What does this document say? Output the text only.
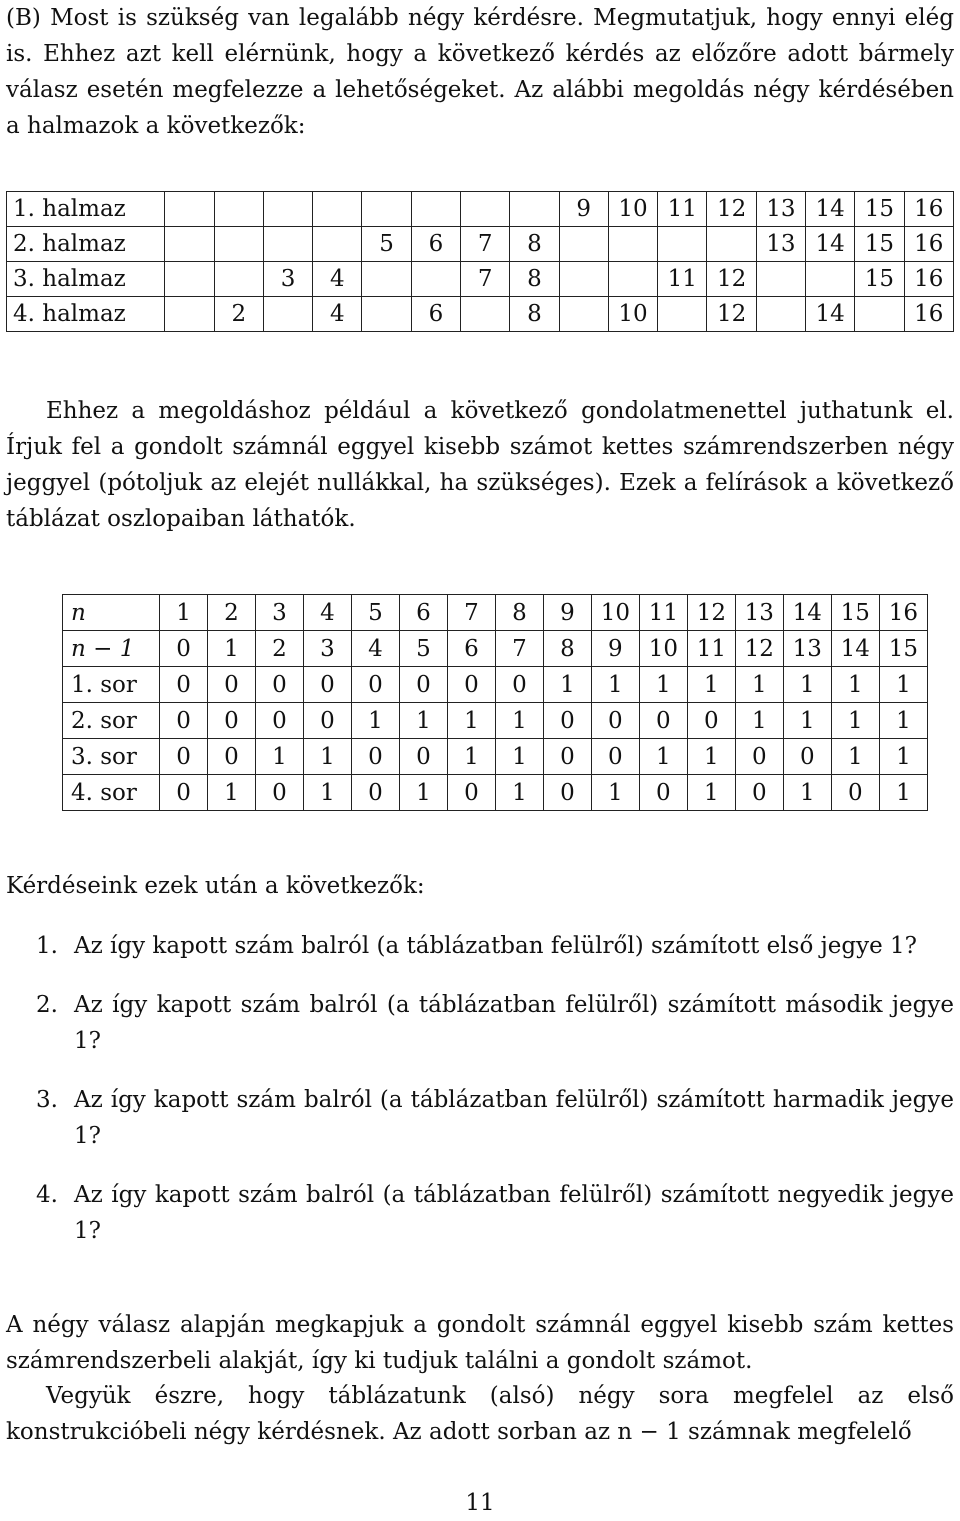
(B) Most is szükség van legalább négy kérdésre. Megmutatjuk, hogy ennyi elég is. Ehhez azt kell elérnünk, hogy a következő kérdés az előzőre adott bármely válasz esetén megfelezze a lehetőségeket. Az alábbi megoldás négy kérdésében a halmazok a következők:

1. halmaz									9	10	11	12	13	14	15	16
2. halmaz					5	6	7	8					13	14	15	16
3. halmaz			3	4			7	8			11	12			15	16
4. halmaz		2		4		6		8		10		12		14		16

Ehhez a megoldáshoz például a következő gondolatmenettel juthatunk el. Írjuk fel a gondolt számnál eggyel kisebb számot kettes számrendszerben négy jeggyel (pótoljuk az elejét nullákkal, ha szükséges). Ezek a felírások a következő táblázat oszlopaiban láthatók.

n	1	2	3	4	5	6	7	8	9	10	11	12	13	14	15	16
n − 1	0	1	2	3	4	5	6	7	8	9	10	11	12	13	14	15
1. sor	0	0	0	0	0	0	0	0	1	1	1	1	1	1	1	1
2. sor	0	0	0	0	1	1	1	1	0	0	0	0	1	1	1	1
3. sor	0	0	1	1	0	0	1	1	0	0	1	1	0	0	1	1
4. sor	0	1	0	1	0	1	0	1	0	1	0	1	0	1	0	1

Kérdéseink ezek után a következők:

1. Az így kapott szám balról (a táblázatban felülről) számított első jegye 1?
2. Az így kapott szám balról (a táblázatban felülről) számított második jegye 1?
3. Az így kapott szám balról (a táblázatban felülről) számított harmadik jegye 1?
4. Az így kapott szám balról (a táblázatban felülről) számított negyedik jegye 1?

A négy válasz alapján megkapjuk a gondolt számnál eggyel kisebb szám kettes számrendszerbeli alakját, így ki tudjuk találni a gondolt számot.

Vegyük észre, hogy táblázatunk (alsó) négy sora megfelel az első konstrukcióbeli négy kérdésnek. Az adott sorban az n − 1 számnak megfelelő

11
